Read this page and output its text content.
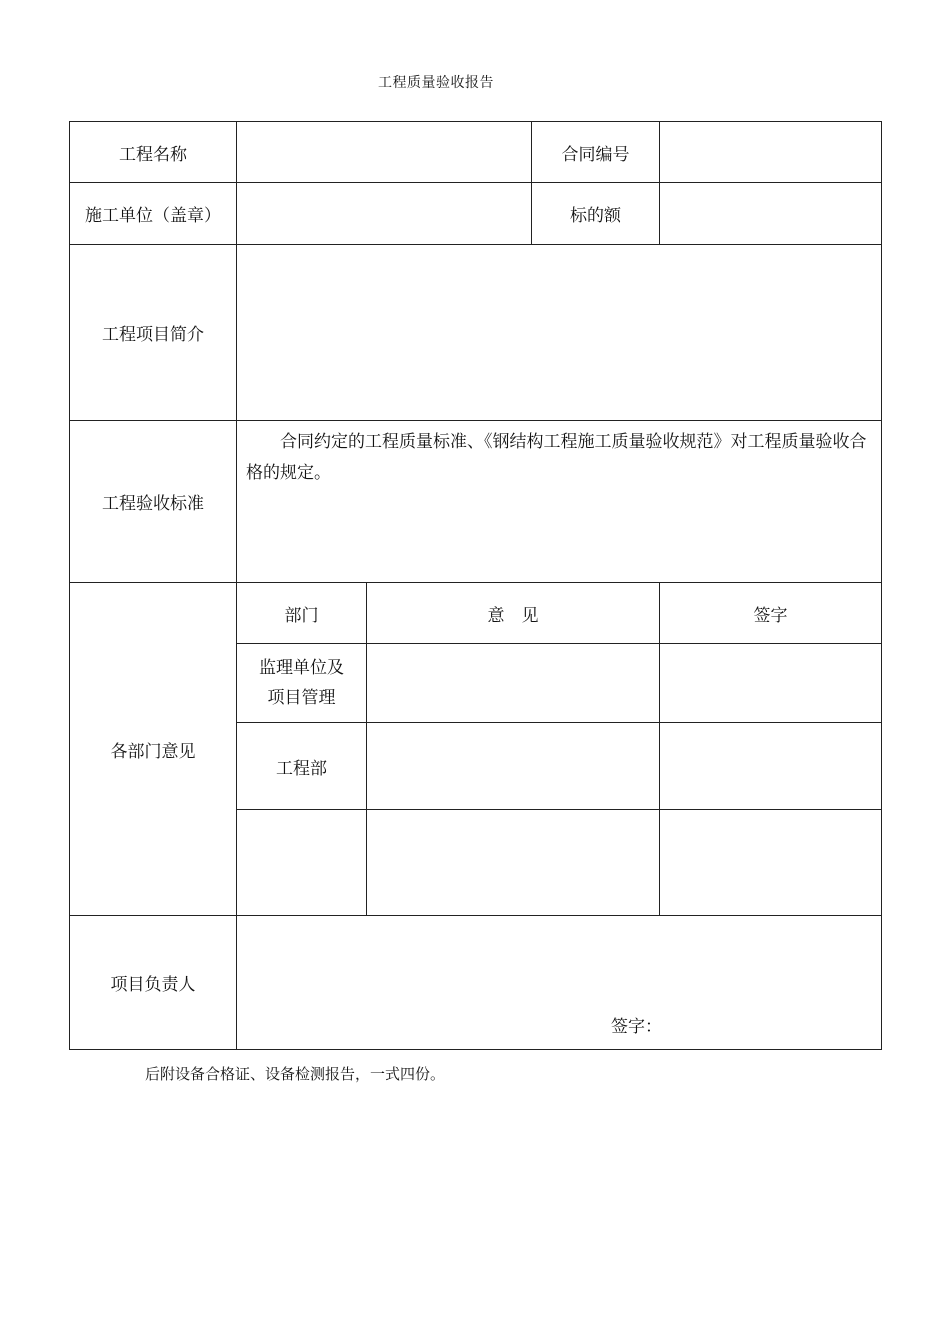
工程质量验收报告
工程名称			合同编号	
施工单位（盖章）			标的额	
工程项目简介				
工程验收标准	合同约定的工程质量标准、《钢结构工程施工质量验收规范》对工程质量验收合格的规定。			
各部门意见	部门	意　见		签字
	监理单位及
项目管理			
	工程部			

项目负责人	签字：			
后附设备合格证、设备检测报告，一式四份。
